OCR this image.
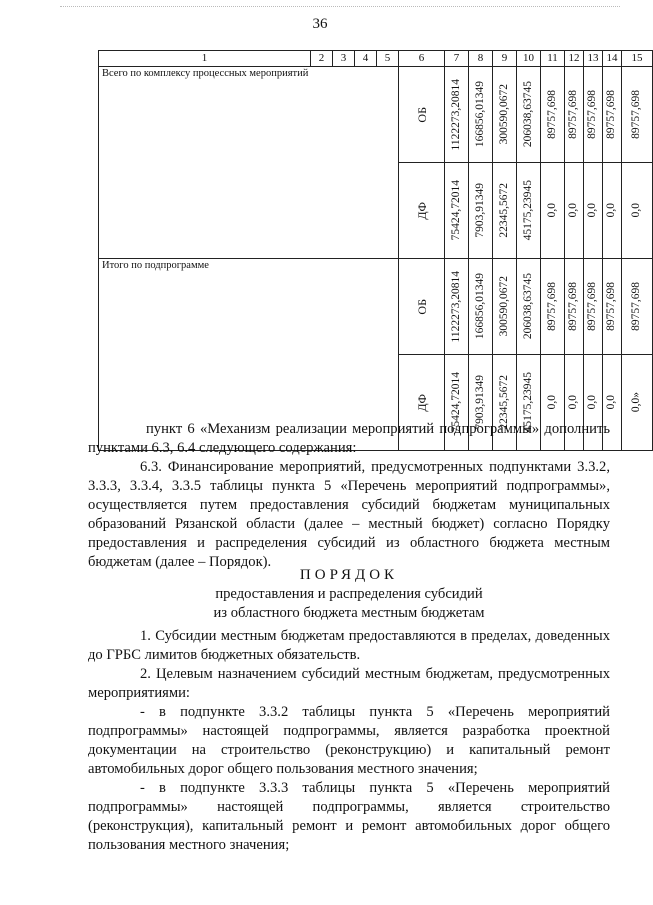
36
1	2	3	4	5	6	7	8	9	10	11	12	13	14	15
Всего по комплексу процессных мероприятий					ОБ	1122273,20814	166856,01349	300590,0672	206038,63745	89757,698	89757,698	89757,698	89757,698	89757,698

					ДФ	75424,72014	7903,91349	22345,5672	45175,23945	0,0	0,0	0,0	0,0	0,0

Итого по подпрограмме					ОБ	1122273,20814	166856,01349	300590,0672	206038,63745	89757,698	89757,698	89757,698	89757,698	89757,698

					ДФ	75424,72014	7903,91349	22345,5672	45175,23945	0,0	0,0	0,0	0,0	0,0»

пункт 6 «Механизм реализации мероприятий подпрограммы» дополнить пунктами 6.3, 6.4 следующего содержания:

6.3. Финансирование мероприятий, предусмотренных подпунктами 3.3.2, 3.3.3, 3.3.4, 3.3.5 таблицы пункта 5 «Перечень мероприятий подпрограммы», осуществляется путем предоставления субсидий бюджетам муниципальных образований Рязанской области (далее – местный бюджет) согласно Порядку предоставления и распределения субсидий из областного бюджета местным бюджетам (далее – Порядок).

ПОРЯДОК
предоставления и распределения субсидий
из областного бюджета местным бюджетам

1. Субсидии местным бюджетам предоставляются в пределах, доведенных до ГРБС лимитов бюджетных обязательств.

2. Целевым назначением субсидий местным бюджетам, предусмотренных мероприятиями:

- в подпункте 3.3.2 таблицы пункта 5 «Перечень мероприятий подпрограммы» настоящей подпрограммы, является разработка проектной документации на строительство (реконструкцию) и капитальный ремонт автомобильных дорог общего пользования местного значения;

- в подпункте 3.3.3 таблицы пункта 5 «Перечень мероприятий подпрограммы» настоящей подпрограммы, является строительство (реконструкция), капитальный ремонт и ремонт автомобильных дорог общего пользования местного значения;
